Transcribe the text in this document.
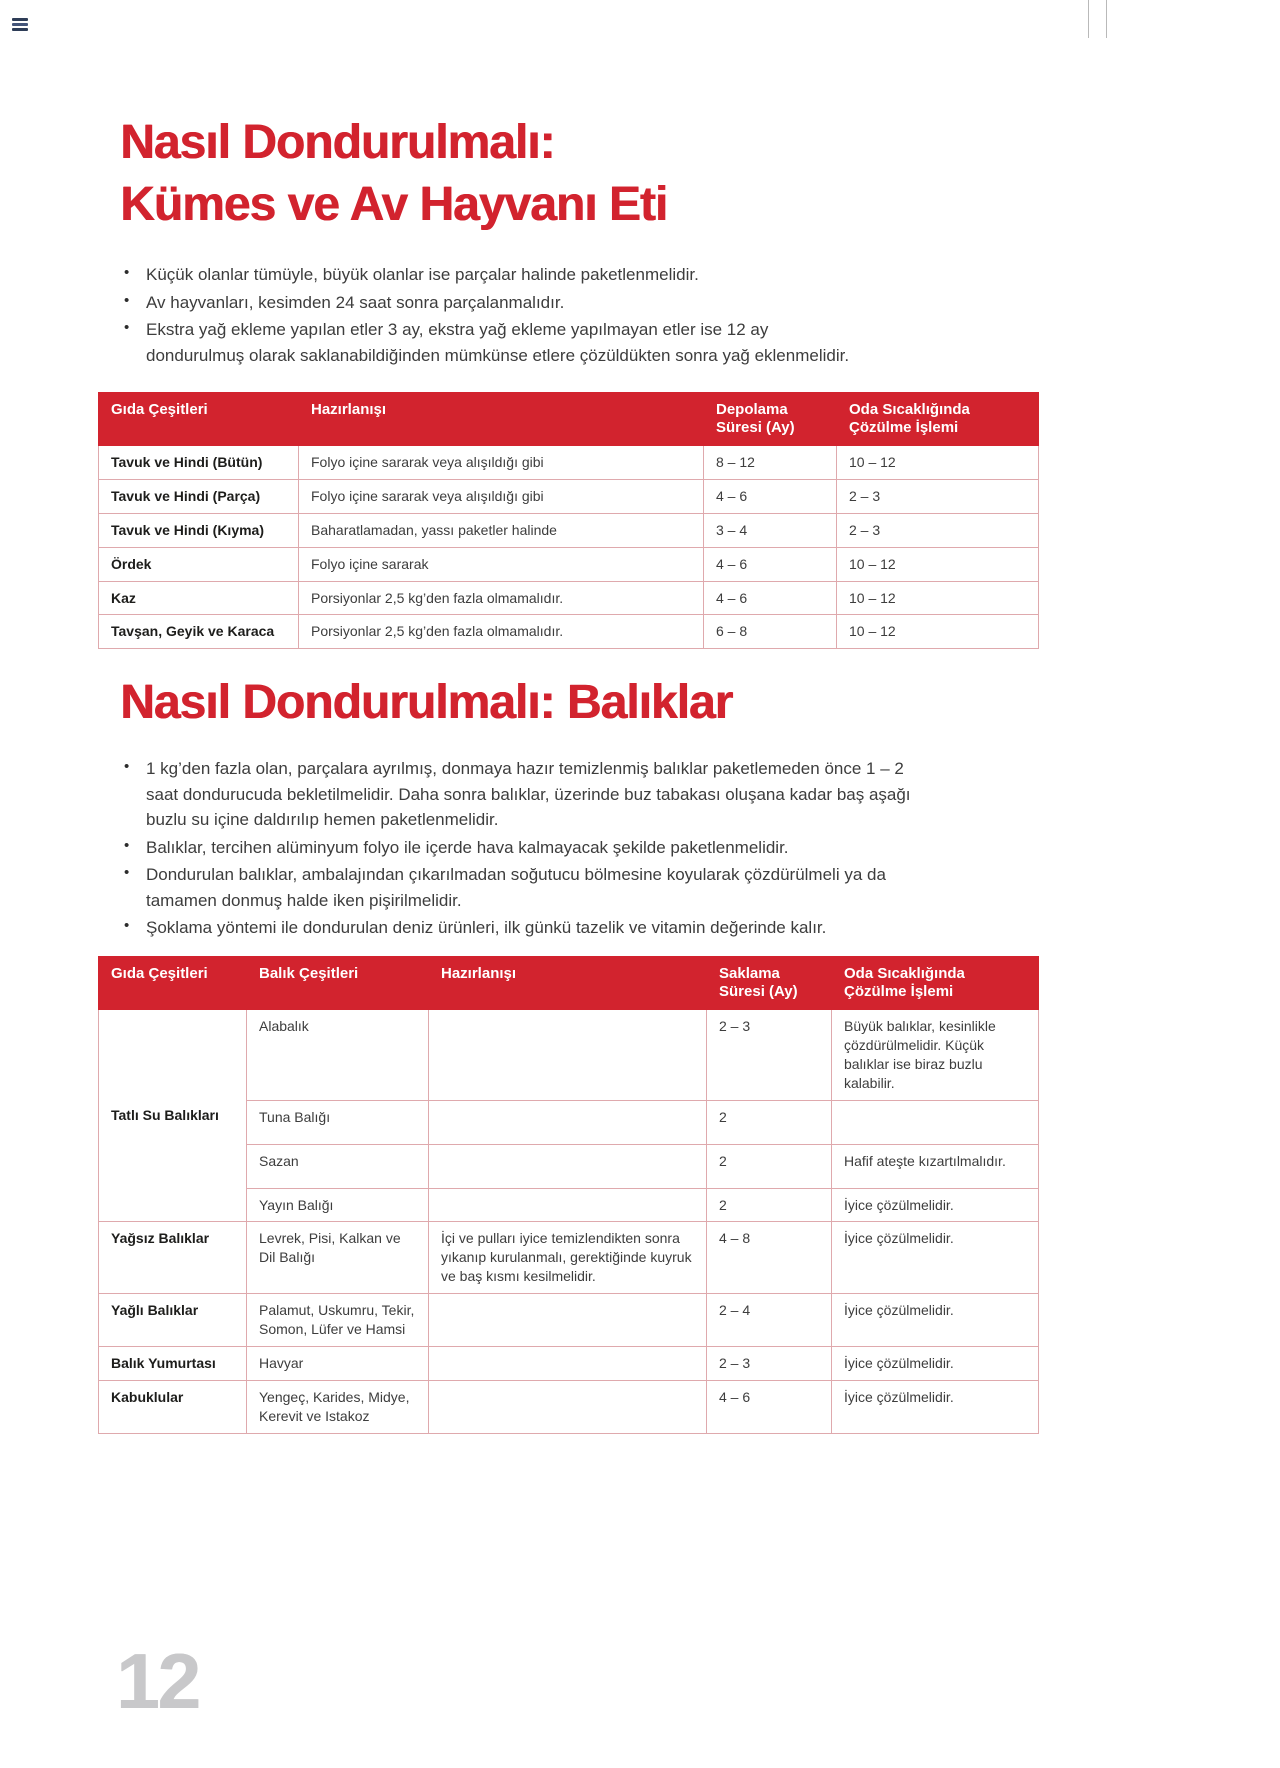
Nasıl Dondurulmalı:
Kümes ve Av Hayvanı Eti
• Küçük olanlar tümüyle, büyük olanlar ise parçalar halinde paketlenmelidir.
• Av hayvanları, kesimden 24 saat sonra parçalanmalıdır.
• Ekstra yağ ekleme yapılan etler 3 ay, ekstra yağ ekleme yapılmayan etler ise 12 ay dondurulmuş olarak saklanabildiğinden mümkünse etlere çözüldükten sonra yağ eklenmelidir.
Gıda Çeşitleri	Hazırlanışı	Depolama Süresi (Ay)	Oda Sıcaklığında Çözülme İşlemi
Tavuk ve Hindi (Bütün)	Folyo içine sararak veya alışıldığı gibi	8 – 12	10 – 12
Tavuk ve Hindi (Parça)	Folyo içine sararak veya alışıldığı gibi	4 – 6	2 – 3
Tavuk ve Hindi (Kıyma)	Baharatlamadan, yassı paketler halinde	3 – 4	2 – 3
Ördek	Folyo içine sararak	4 – 6	10 – 12
Kaz	Porsiyonlar 2,5 kg’den fazla olmamalıdır.	4 – 6	10 – 12
Tavşan, Geyik ve Karaca	Porsiyonlar 2,5 kg’den fazla olmamalıdır.	6 – 8	10 – 12
Nasıl Dondurulmalı: Balıklar
• 1 kg’den fazla olan, parçalara ayrılmış, donmaya hazır temizlenmiş balıklar paketlemeden önce 1 – 2 saat dondurucuda bekletilmelidir. Daha sonra balıklar, üzerinde buz tabakası oluşana kadar baş aşağı buzlu su içine daldırılıp hemen paketlenmelidir.
• Balıklar, tercihen alüminyum folyo ile içerde hava kalmayacak şekilde paketlenmelidir.
• Dondurulan balıklar, ambalajından çıkarılmadan soğutucu bölmesine koyularak çözdürülmeli ya da tamamen donmuş halde iken pişirilmelidir.
• Şoklama yöntemi ile dondurulan deniz ürünleri, ilk günkü tazelik ve vitamin değerinde kalır.
Gıda Çeşitleri	Balık Çeşitleri	Hazırlanışı	Saklama Süresi (Ay)	Oda Sıcaklığında Çözülme İşlemi
Tatlı Su Balıkları	Alabalık		2 – 3	Büyük balıklar, kesinlikle çözdürülmelidir. Küçük balıklar ise biraz buzlu kalabilir.
	Tuna Balığı		2	
	Sazan		2	Hafif ateşte kızartılmalıdır.
	Yayın Balığı		2	İyice çözülmelidir.
Yağsız Balıklar	Levrek, Pisi, Kalkan ve Dil Balığı	İçi ve pulları iyice temizlendikten sonra yıkanıp kurulanmalı, gerektiğinde kuyruk ve baş kısmı kesilmelidir.	4 – 8	İyice çözülmelidir.
Yağlı Balıklar	Palamut, Uskumru, Tekir, Somon, Lüfer ve Hamsi		2 – 4	İyice çözülmelidir.
Balık Yumurtası	Havyar		2 – 3	İyice çözülmelidir.
Kabuklular	Yengeç, Karides, Midye, Kerevit ve Istakoz		4 – 6	İyice çözülmelidir.
12
